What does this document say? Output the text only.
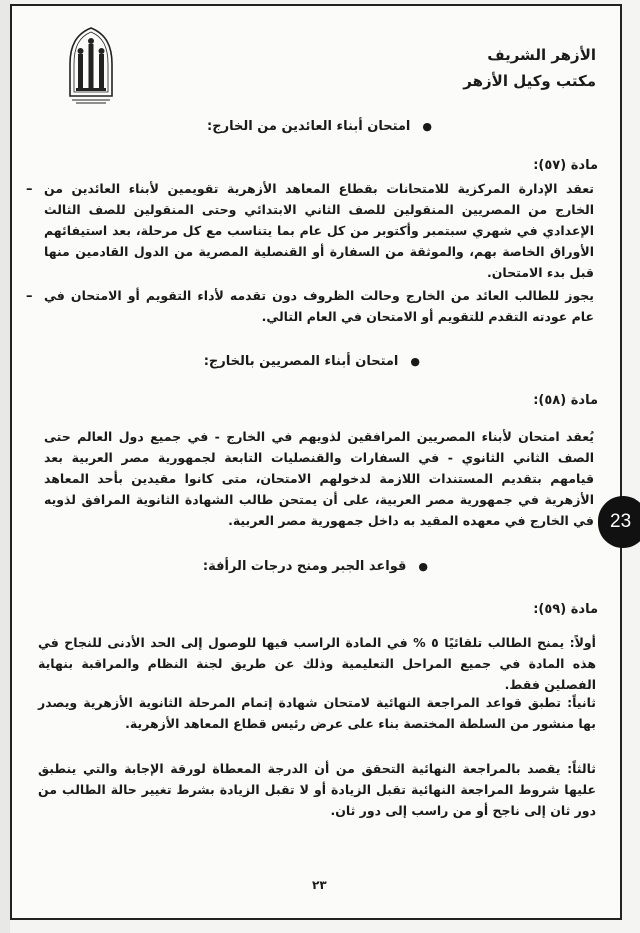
الأزهر الشريف
مكتب وكيل الأزهر
●امتحان أبناء العائدين من الخارج:
مادة (٥٧):
– تعقد الإدارة المركزية للامتحانات بقطاع المعاهد الأزهرية تقويمين لأبناء العائدين من الخارج من المصريين المنقولين للصف الثاني الابتدائي وحتى المنقولين للصف الثالث الإعدادي في شهري سبتمبر وأكتوبر من كل عام بما يتناسب مع كل مرحلة، بعد استيفائهم الأوراق الخاصة بهم، والموثقة من السفارة أو القنصلية المصرية من الدول القادمين منها قبل بدء الامتحان.
– يجوز للطالب العائد من الخارج وحالت الظروف دون تقدمه لأداء التقويم أو الامتحان في عام عودته التقدم للتقويم أو الامتحان في العام التالي.
●امتحان أبناء المصريين بالخارج:
مادة (٥٨):
يُعقد امتحان لأبناء المصريين المرافقين لذويهم في الخارج - في جميع دول العالم حتى الصف الثاني الثانوي - في السفارات والقنصليات التابعة لجمهورية مصر العربية بعد قيامهم بتقديم المستندات اللازمة لدخولهم الامتحان، متى كانوا مقيدين بأحد المعاهد الأزهرية في جمهورية مصر العربية، على أن يمتحن طالب الشهادة الثانوية المرافق لذويه في الخارج في معهده المقيد به داخل جمهورية مصر العربية.
●قواعد الجبر ومنح درجات الرأفة:
مادة (٥٩):
أولاً: يمنح الطالب تلقائيًا ٥ % في المادة الراسب فيها للوصول إلى الحد الأدنى للنجاح في هذه المادة في جميع المراحل التعليمية وذلك عن طريق لجنة النظام والمراقبة بنهاية الفصلين فقط.
ثانياً: تطبق قواعد المراجعة النهائية لامتحان شهادة إتمام المرحلة الثانوية الأزهرية ويصدر بها منشور من السلطة المختصة بناء على عرض رئيس قطاع المعاهد الأزهرية.
ثالثاً: يقصد بالمراجعة النهائية التحقق من أن الدرجة المعطاة لورقة الإجابة والتي ينطبق عليها شروط المراجعة النهائية تقبل الزيادة أو لا تقبل الزيادة بشرط تغيير حالة الطالب من دور ثان إلى ناجح أو من راسب إلى دور ثان.
٢٣
23
